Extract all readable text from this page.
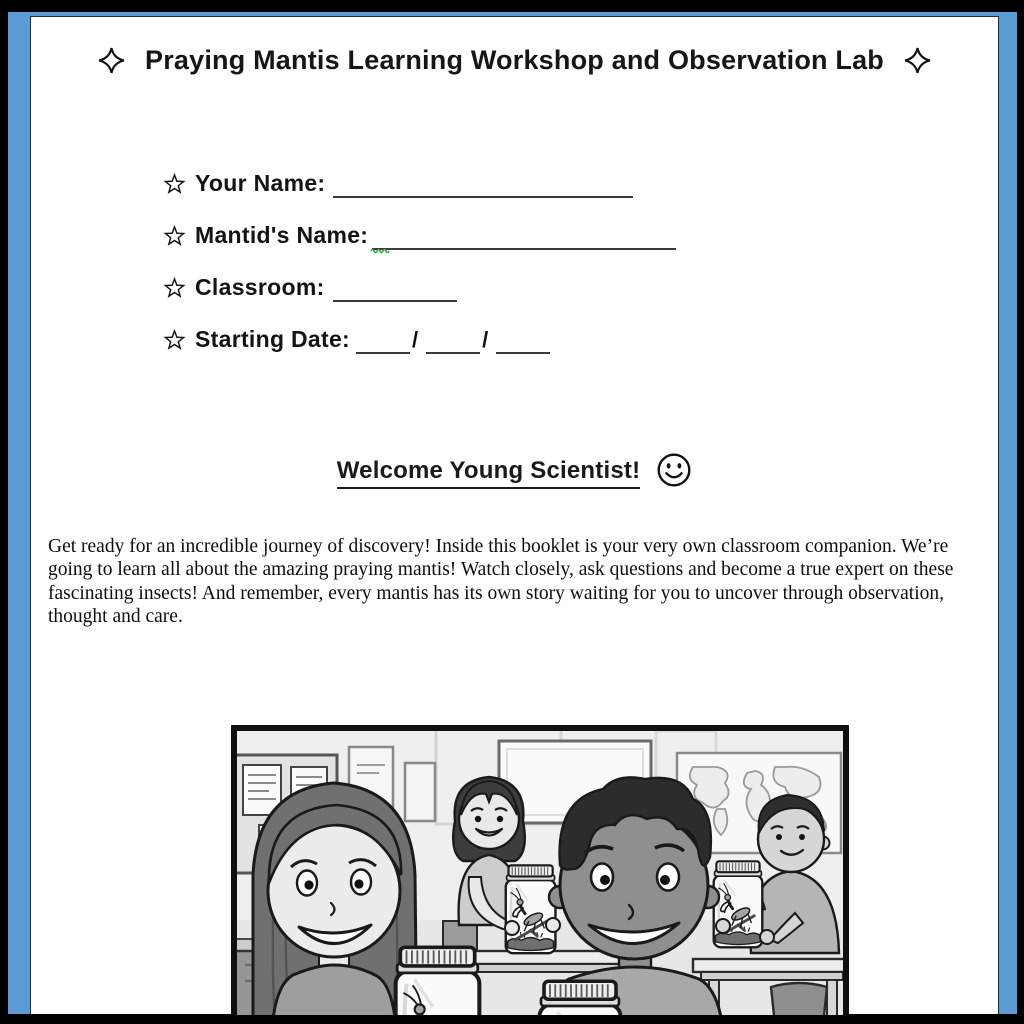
Praying Mantis Learning Workshop and Observation Lab
Your Name:
Mantid's Name:
Classroom:
Starting Date:	/	/
Welcome Young Scientist!

Get ready for an incredible journey of discovery! Inside this booklet is your very own classroom companion. We’re going to learn all about the amazing praying mantis! Watch closely, ask questions and become a true expert on these fascinating insects! And remember, every mantis has its own story waiting for you to uncover through observation, thought and care.
